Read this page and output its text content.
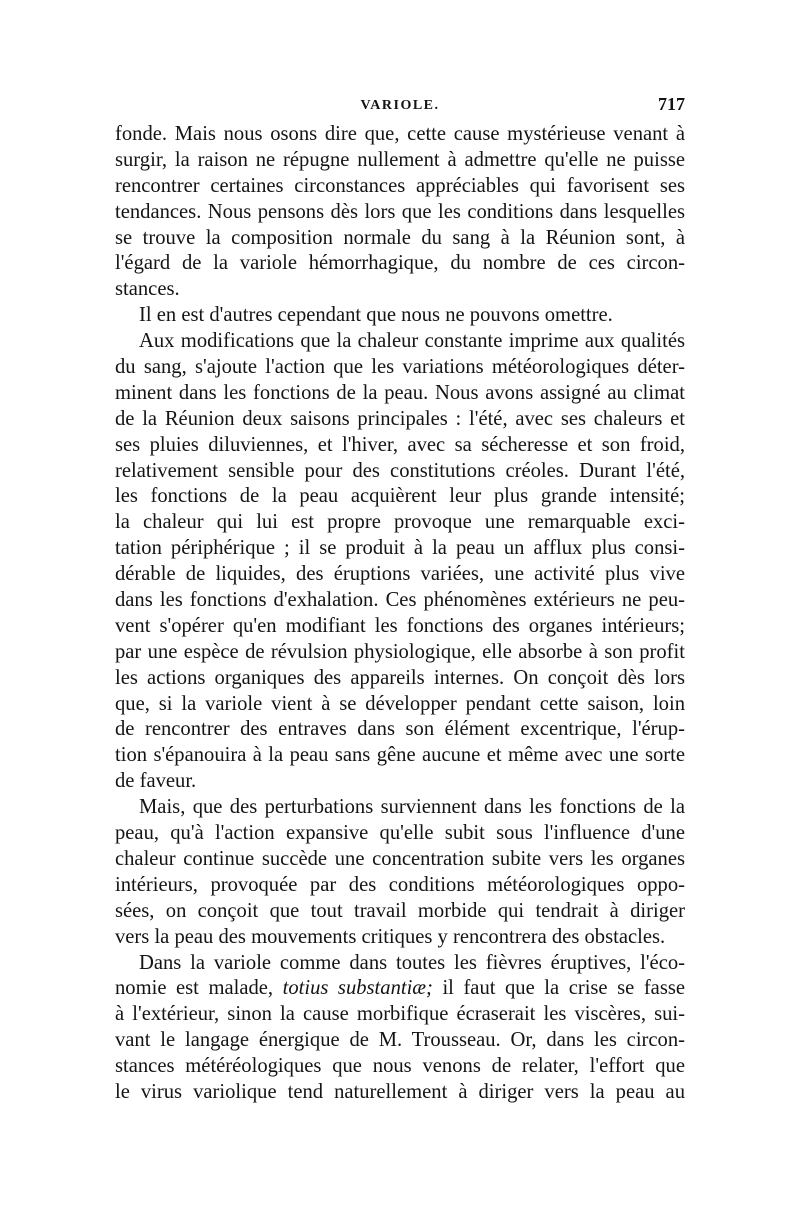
VARIOLE.	717
fonde. Mais nous osons dire que, cette cause mystérieuse venant à
surgir, la raison ne répugne nullement à admettre qu'elle ne puisse
rencontrer certaines circonstances appréciables qui favorisent ses
tendances. Nous pensons dès lors que les conditions dans lesquelles
se trouve la composition normale du sang à la Réunion sont, à
l'égard de la variole hémorrhagique, du nombre de ces circon-
stances.
Il en est d'autres cependant que nous ne pouvons omettre.
Aux modifications que la chaleur constante imprime aux qualités
du sang, s'ajoute l'action que les variations météorologiques déter-
minent dans les fonctions de la peau. Nous avons assigné au climat
de la Réunion deux saisons principales : l'été, avec ses chaleurs et
ses pluies diluviennes, et l'hiver, avec sa sécheresse et son froid,
relativement sensible pour des constitutions créoles. Durant l'été,
les fonctions de la peau acquièrent leur plus grande intensité;
la chaleur qui lui est propre provoque une remarquable exci-
tation périphérique ; il se produit à la peau un afflux plus consi-
dérable de liquides, des éruptions variées, une activité plus vive
dans les fonctions d'exhalation. Ces phénomènes extérieurs ne peu-
vent s'opérer qu'en modifiant les fonctions des organes intérieurs;
par une espèce de révulsion physiologique, elle absorbe à son profit
les actions organiques des appareils internes. On conçoit dès lors
que, si la variole vient à se développer pendant cette saison, loin
de rencontrer des entraves dans son élément excentrique, l'érup-
tion s'épanouira à la peau sans gêne aucune et même avec une sorte
de faveur.
Mais, que des perturbations surviennent dans les fonctions de la
peau, qu'à l'action expansive qu'elle subit sous l'influence d'une
chaleur continue succède une concentration subite vers les organes
intérieurs, provoquée par des conditions météorologiques oppo-
sées, on conçoit que tout travail morbide qui tendrait à diriger
vers la peau des mouvements critiques y rencontrera des obstacles.
Dans la variole comme dans toutes les fièvres éruptives, l'éco-
nomie est malade, totius substantiæ; il faut que la crise se fasse
à l'extérieur, sinon la cause morbifique écraserait les viscères, sui-
vant le langage énergique de M. Trousseau. Or, dans les circon-
stances météréologiques que nous venons de relater, l'effort que
le virus variolique tend naturellement à diriger vers la peau au
